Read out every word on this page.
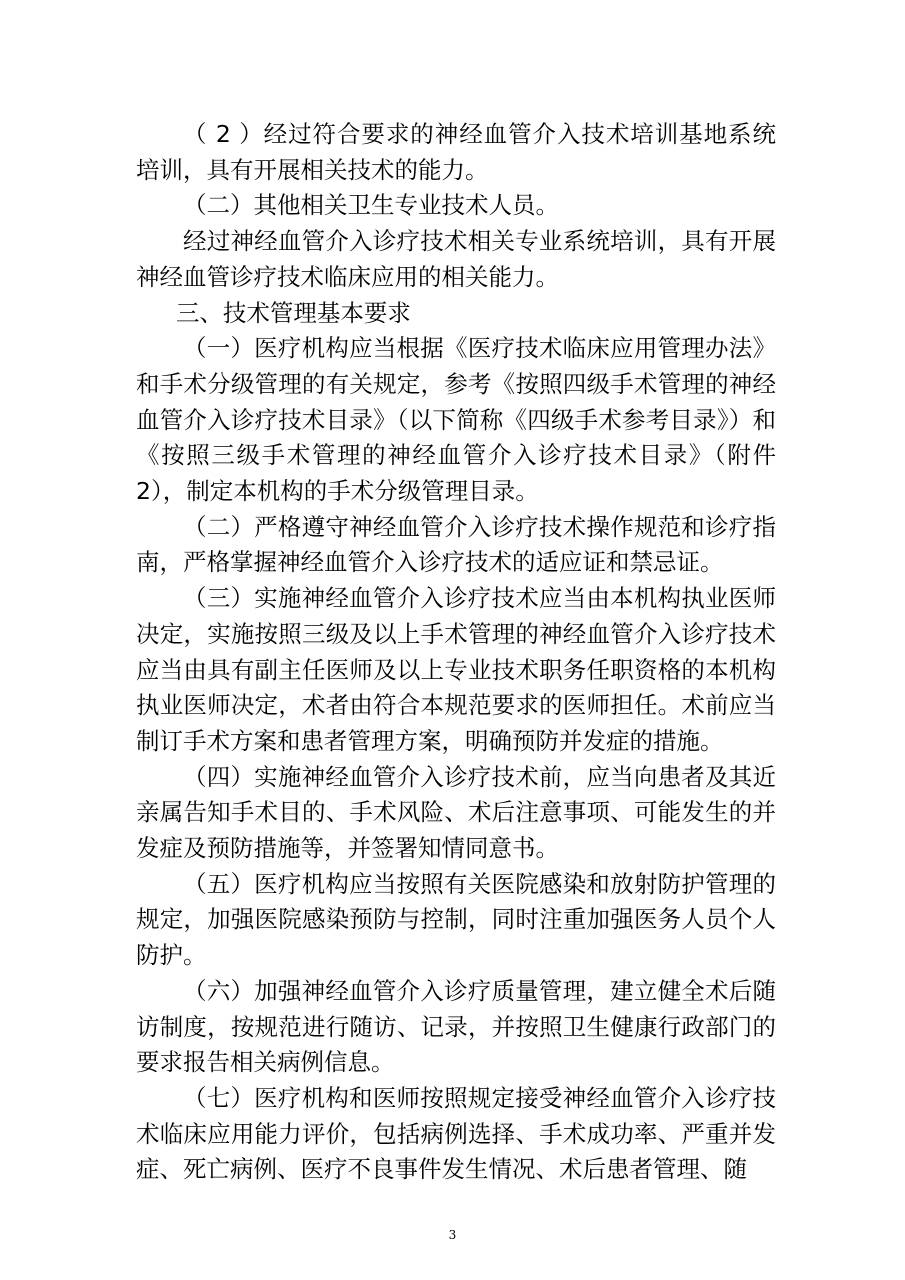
（ 2 ）经过符合要求的神经血管介入技术培训基地系统培训，具有开展相关技术的能力。

（二）其他相关卫生专业技术人员。

经过神经血管介入诊疗技术相关专业系统培训，具有开展神经血管诊疗技术临床应用的相关能力。

三、技术管理基本要求

（一）医疗机构应当根据《医疗技术临床应用管理办法》和手术分级管理的有关规定，参考《按照四级手术管理的神经血管介入诊疗技术目录》（以下简称《四级手术参考目录》）和《按照三级手术管理的神经血管介入诊疗技术目录》（附件2），制定本机构的手术分级管理目录。

（二）严格遵守神经血管介入诊疗技术操作规范和诊疗指南，严格掌握神经血管介入诊疗技术的适应证和禁忌证。

（三）实施神经血管介入诊疗技术应当由本机构执业医师决定，实施按照三级及以上手术管理的神经血管介入诊疗技术应当由具有副主任医师及以上专业技术职务任职资格的本机构执业医师决定，术者由符合本规范要求的医师担任。术前应当制订手术方案和患者管理方案，明确预防并发症的措施。

（四）实施神经血管介入诊疗技术前，应当向患者及其近亲属告知手术目的、手术风险、术后注意事项、可能发生的并发症及预防措施等，并签署知情同意书。

（五）医疗机构应当按照有关医院感染和放射防护管理的规定，加强医院感染预防与控制，同时注重加强医务人员个人防护。

（六）加强神经血管介入诊疗质量管理，建立健全术后随访制度，按规范进行随访、记录，并按照卫生健康行政部门的要求报告相关病例信息。

（七）医疗机构和医师按照规定接受神经血管介入诊疗技术临床应用能力评价，包括病例选择、手术成功率、严重并发症、死亡病例、医疗不良事件发生情况、术后患者管理、随

3
